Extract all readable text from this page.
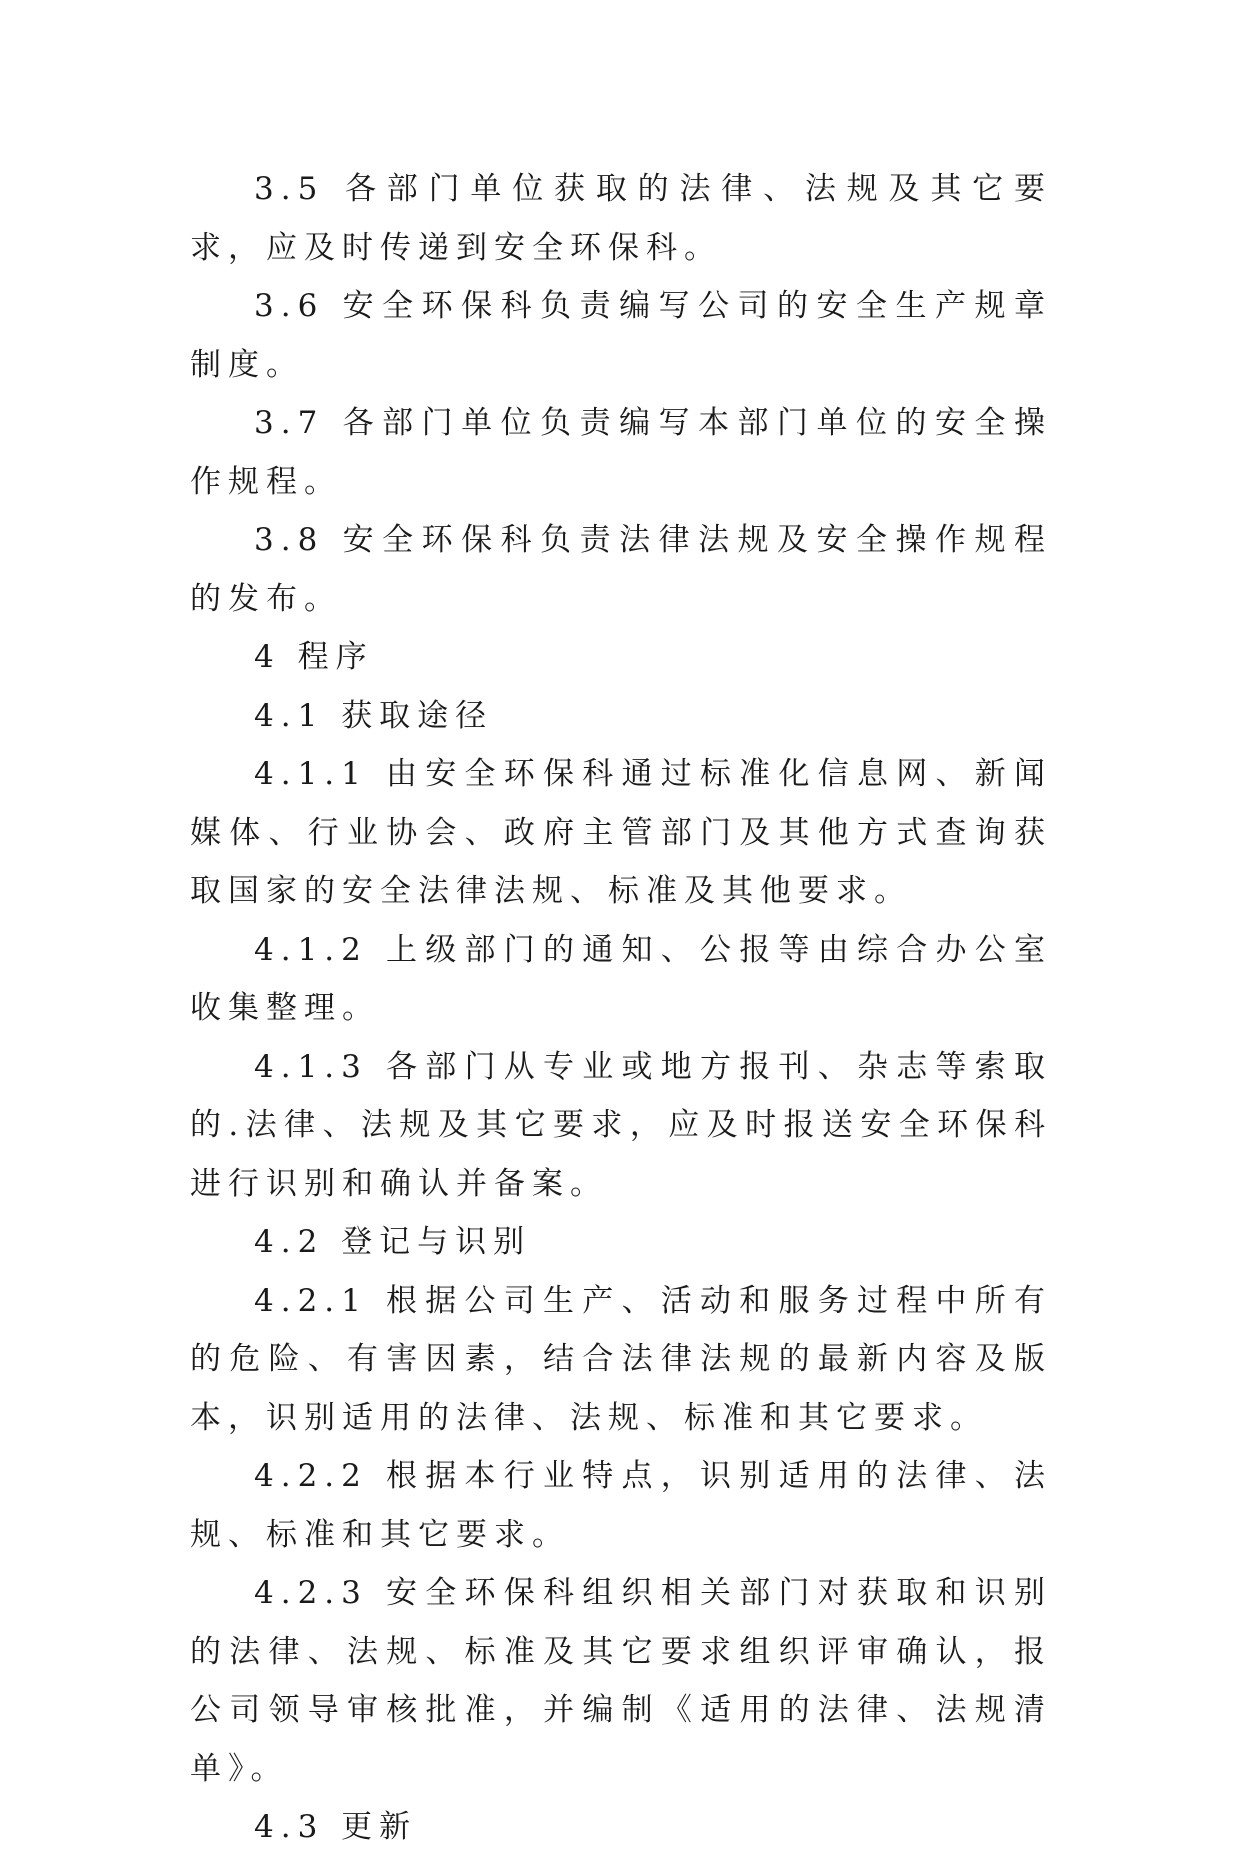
3.5 各部门单位获取的法律、法规及其它要求，应及时传递到安全环保科。

3.6 安全环保科负责编写公司的安全生产规章制度。

3.7 各部门单位负责编写本部门单位的安全操作规程。

3.8 安全环保科负责法律法规及安全操作规程的发布。

4 程序

4.1 获取途径

4.1.1 由安全环保科通过标准化信息网、新闻媒体、行业协会、政府主管部门及其他方式查询获取国家的安全法律法规、标准及其他要求。

4.1.2 上级部门的通知、公报等由综合办公室收集整理。

4.1.3 各部门从专业或地方报刊、杂志等索取的.法律、法规及其它要求，应及时报送安全环保科进行识别和确认并备案。

4.2 登记与识别

4.2.1 根据公司生产、活动和服务过程中所有的危险、有害因素，结合法律法规的最新内容及版本，识别适用的法律、法规、标准和其它要求。

4.2.2 根据本行业特点，识别适用的法律、法规、标准和其它要求。

4.2.3 安全环保科组织相关部门对获取和识别的法律、法规、标准及其它要求组织评审确认，报公司领导审核批准，并编制《适用的法律、法规清单》。

4.3 更新
